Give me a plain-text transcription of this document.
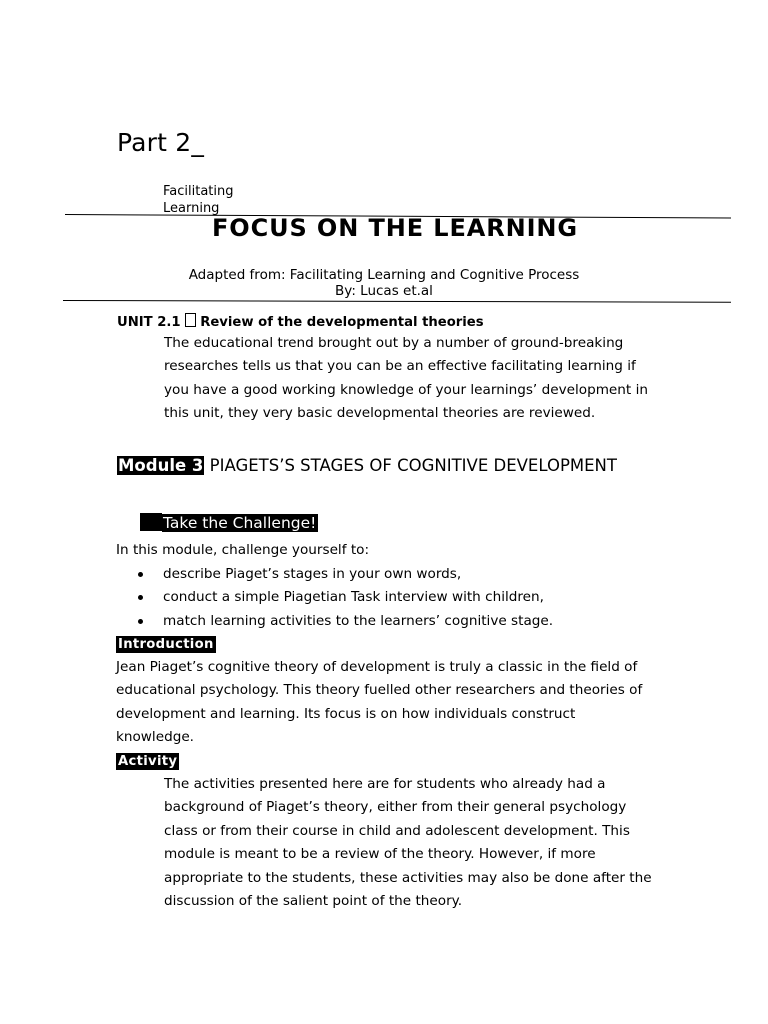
Part 2_
Facilitating Learning
FOCUS ON THE LEARNING
Adapted from: Facilitating Learning and Cognitive Process
By: Lucas et.al
UNIT 2.1 Review of the developmental theories
The educational trend brought out by a number of ground-breaking researches tells us that you can be an effective facilitating learning if you have a good working knowledge of your learnings’ development in this unit, they very basic developmental theories are reviewed.
Module 3 PIAGETS’S STAGES OF COGNITIVE DEVELOPMENT
Take the Challenge!
In this module, challenge yourself to:
describe Piaget’s stages in your own words,
conduct a simple Piagetian Task interview with children,
match learning activities to the learners’ cognitive stage.
Introduction
Jean Piaget’s cognitive theory of development is truly a classic in the field of educational psychology. This theory fuelled other researchers and theories of development and learning. Its focus is on how individuals construct knowledge.
Activity
The activities presented here are for students who already had a background of Piaget’s theory, either from their general psychology class or from their course in child and adolescent development. This module is meant to be a review of the theory. However, if more appropriate to the students, these activities may also be done after the discussion of the salient point of the theory.
